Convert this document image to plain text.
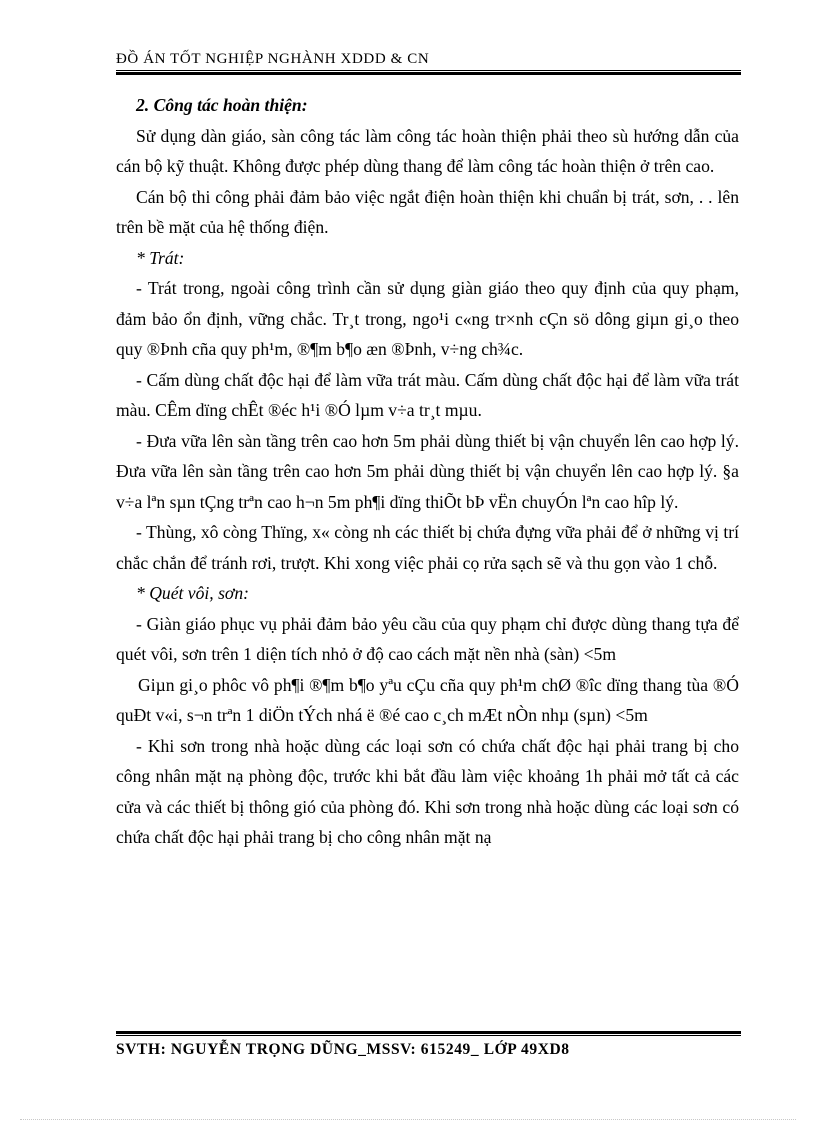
ĐỒ ÁN TỐT NGHIỆP NGHÀNH XDDD & CN

2. Công tác hoàn thiện:

Sử dụng dàn giáo, sàn công tác làm công tác hoàn thiện phải theo sù hướng dẫn của cán bộ kỹ thuật. Không được phép dùng thang để làm công tác hoàn thiện ở trên cao.

Cán bộ thi công phải đảm bảo việc ngắt điện hoàn thiện khi chuẩn bị trát, sơn, . . lên trên bề mặt của hệ thống điện.

* Trát:

- Trát trong, ngoài công trình cần sử dụng giàn giáo theo quy định của quy phạm, đảm bảo ổn định, vững chắc. Tr¸t trong, ngo¹i c«ng tr×nh cÇn sö dông giµn gi¸o theo quy ®Þnh cña quy ph¹m, ®¶m b¶o æn ®Þnh, v÷ng ch¾c.

- Cấm dùng chất độc hại để làm vữa trát màu. Cấm dùng chất độc hại để làm vữa trát màu. CÊm dïng chÊt ®éc h¹i ®Ó lµm v÷a tr¸t mµu.

- Đưa vữa lên sàn tầng trên cao hơn 5m phải dùng thiết bị vận chuyển lên cao hợp lý. Đưa vữa lên sàn tầng trên cao hơn 5m phải dùng thiết bị vận chuyển lên cao hợp lý. §a v÷a lªn sµn tÇng trªn cao h¬n 5m ph¶i dïng thiÕt bÞ vËn chuyÓn lªn cao hîp lý.

- Thùng, xô còng Thïng, x« còng nh các thiết bị chứa đựng vữa phải để ở những vị trí chắc chắn để tránh rơi, trượt. Khi xong việc phải cọ rửa sạch sẽ và thu gọn vào 1 chỗ.

* Quét vôi, sơn:

- Giàn giáo phục vụ phải đảm bảo yêu cầu của quy phạm chỉ được dùng thang tựa để quét vôi, sơn trên 1 diện tích nhỏ ở độ cao cách mặt nền nhà (sàn) <5m

Giµn gi¸o phôc vô ph¶i ®¶m b¶o yªu cÇu cña quy ph¹m chØ ®îc dïng thang tùa ®Ó quÐt v«i, s¬n trªn 1 diÖn tÝch nhá ë ®é cao c¸ch mÆt nÒn nhµ (sµn) <5m

- Khi sơn trong nhà hoặc dùng các loại sơn có chứa chất độc hại phải trang bị cho công nhân mặt nạ phòng độc, trước khi bắt đầu làm việc khoảng 1h phải mở tất cả các cửa và các thiết bị thông gió của phòng đó. Khi sơn trong nhà hoặc dùng các loại sơn có chứa chất độc hại phải trang bị cho công nhân mặt nạ

SVTH: NGUYỄN TRỌNG DŨNG_MSSV: 615249_ LỚP 49XD8
